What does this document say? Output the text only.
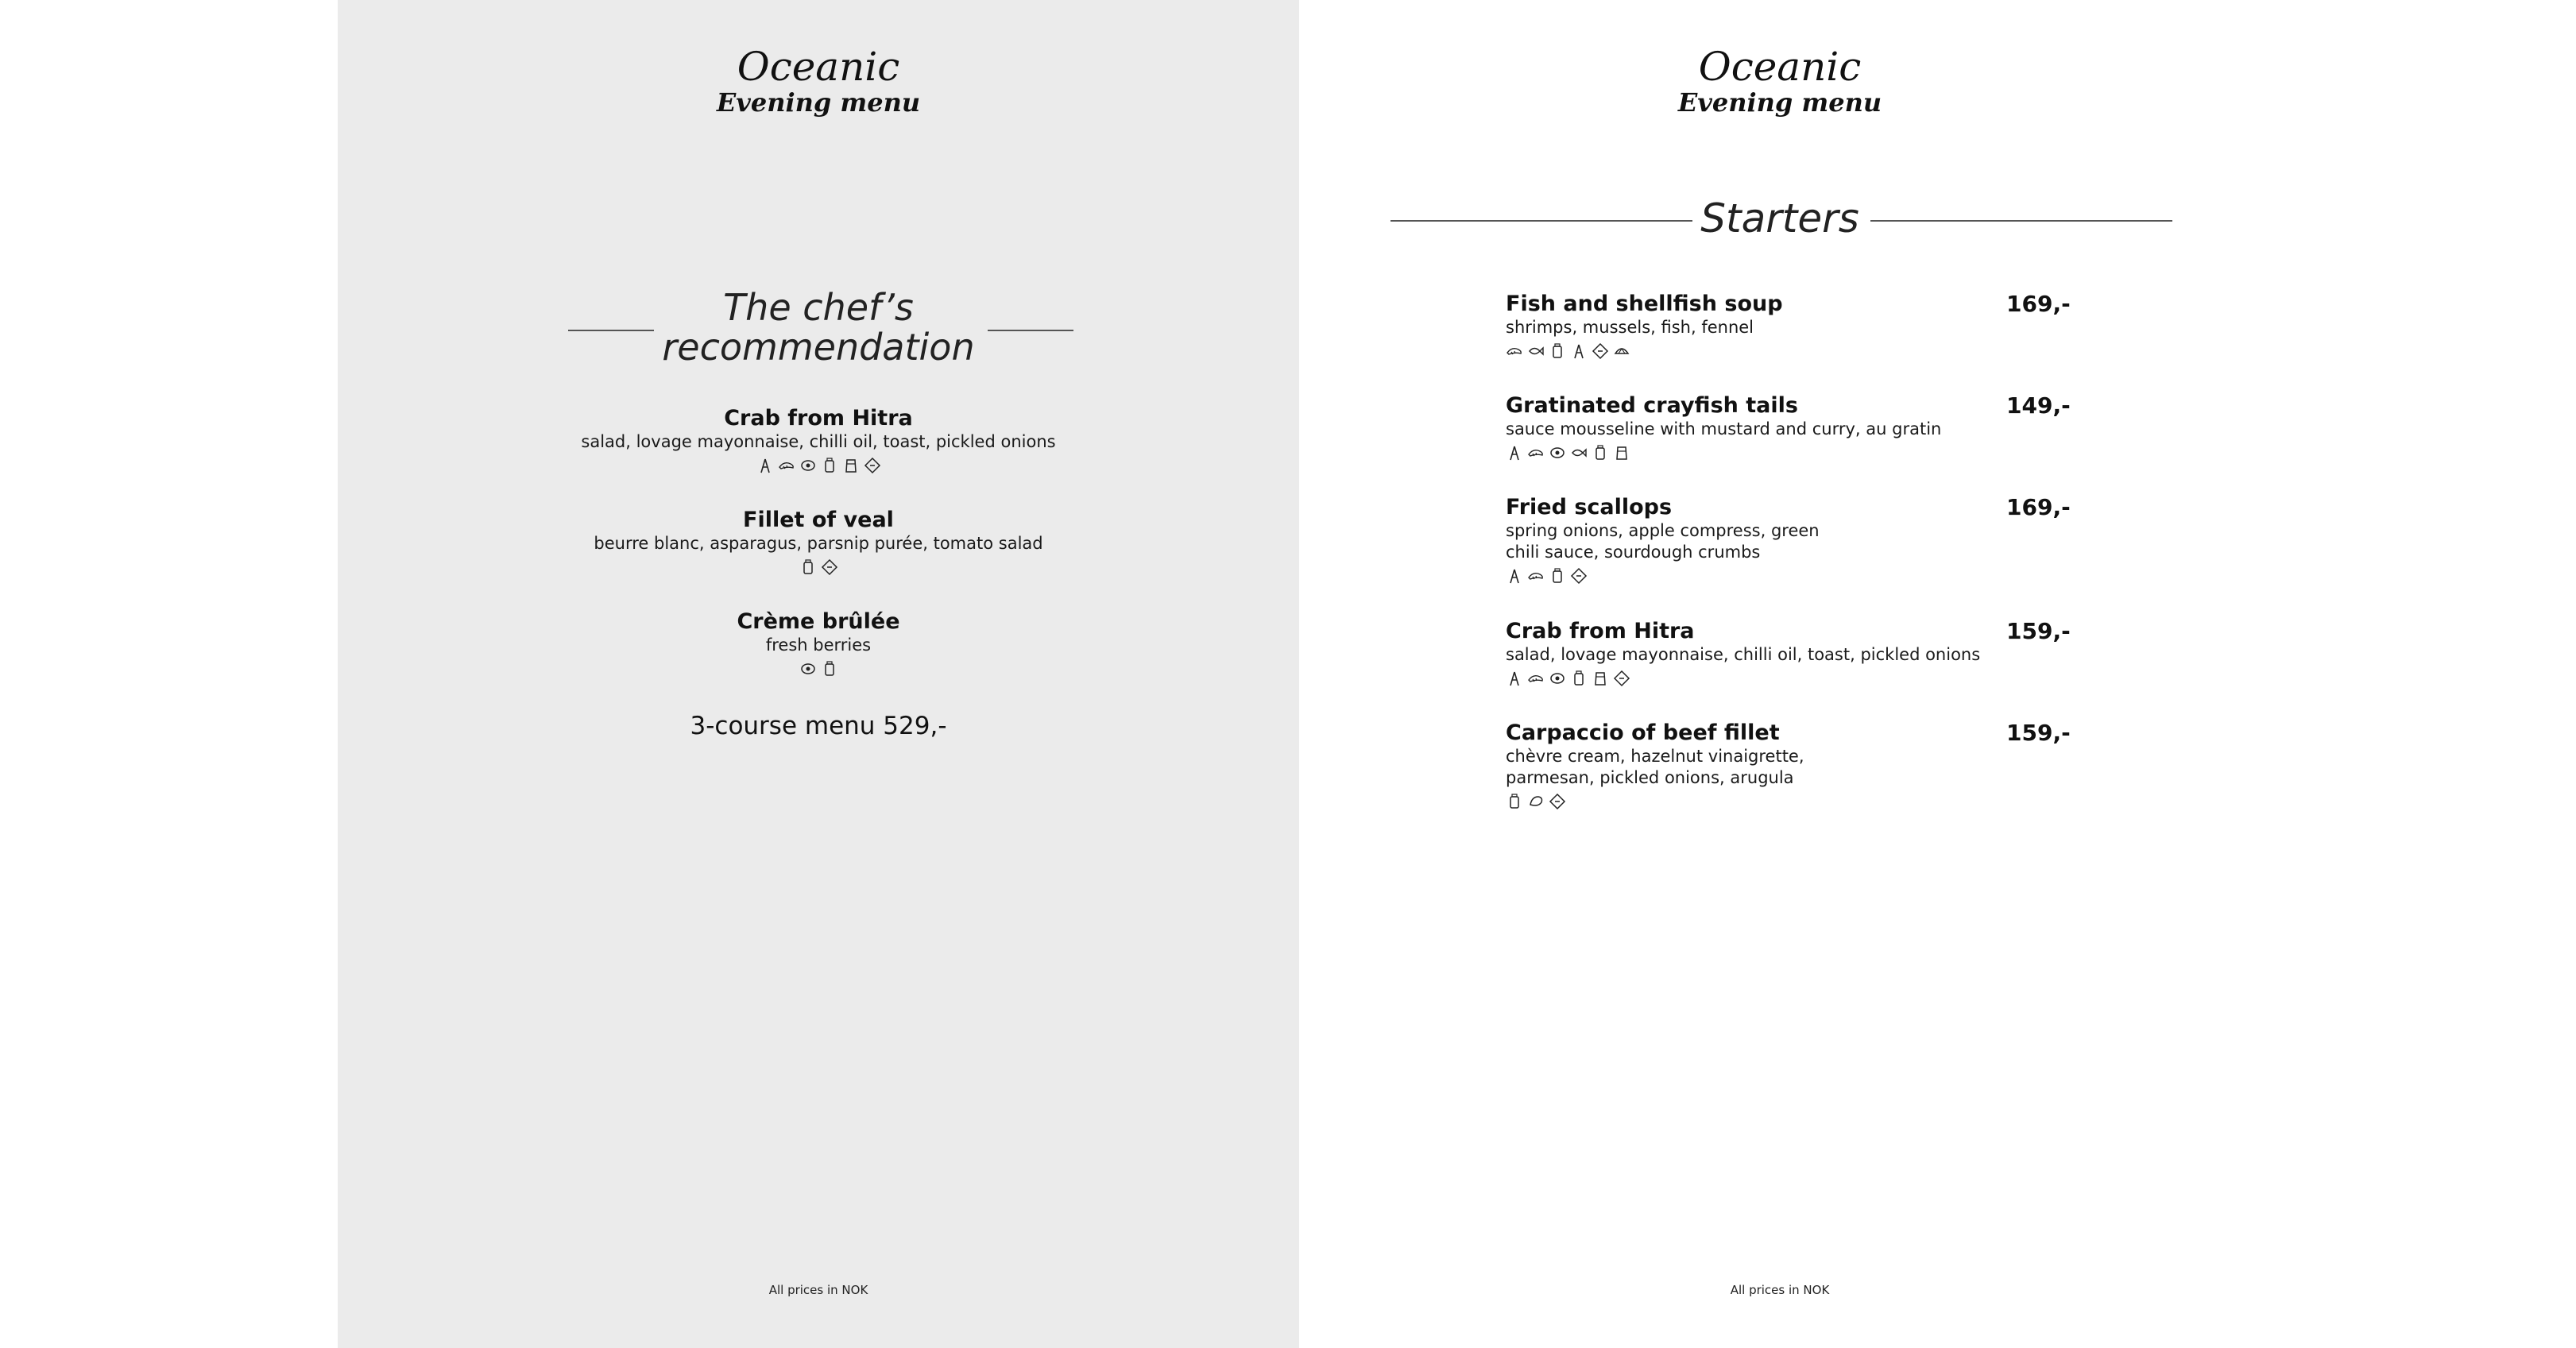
Oceanic
Evening menu
The chef’s
recommendation
Crab from Hitra
salad, lovage mayonnaise, chilli oil, toast, pickled onions
Fillet of veal
beurre blanc, asparagus, parsnip purée, tomato salad
Crème brûlée
fresh berries
3-course menu 529,-
All prices in NOK
Oceanic
Evening menu
Starters
Fish and shellfish soup	169,-
shrimps, mussels, fish, fennel
Gratinated crayfish tails	149,-
sauce mousseline with mustard and curry, au gratin
Fried scallops	169,-
spring onions, apple compress, green
chili sauce, sourdough crumbs
Crab from Hitra	159,-
salad, lovage mayonnaise, chilli oil, toast, pickled onions
Carpaccio of beef fillet	159,-
chèvre cream, hazelnut vinaigrette,
parmesan, pickled onions, arugula
All prices in NOK
